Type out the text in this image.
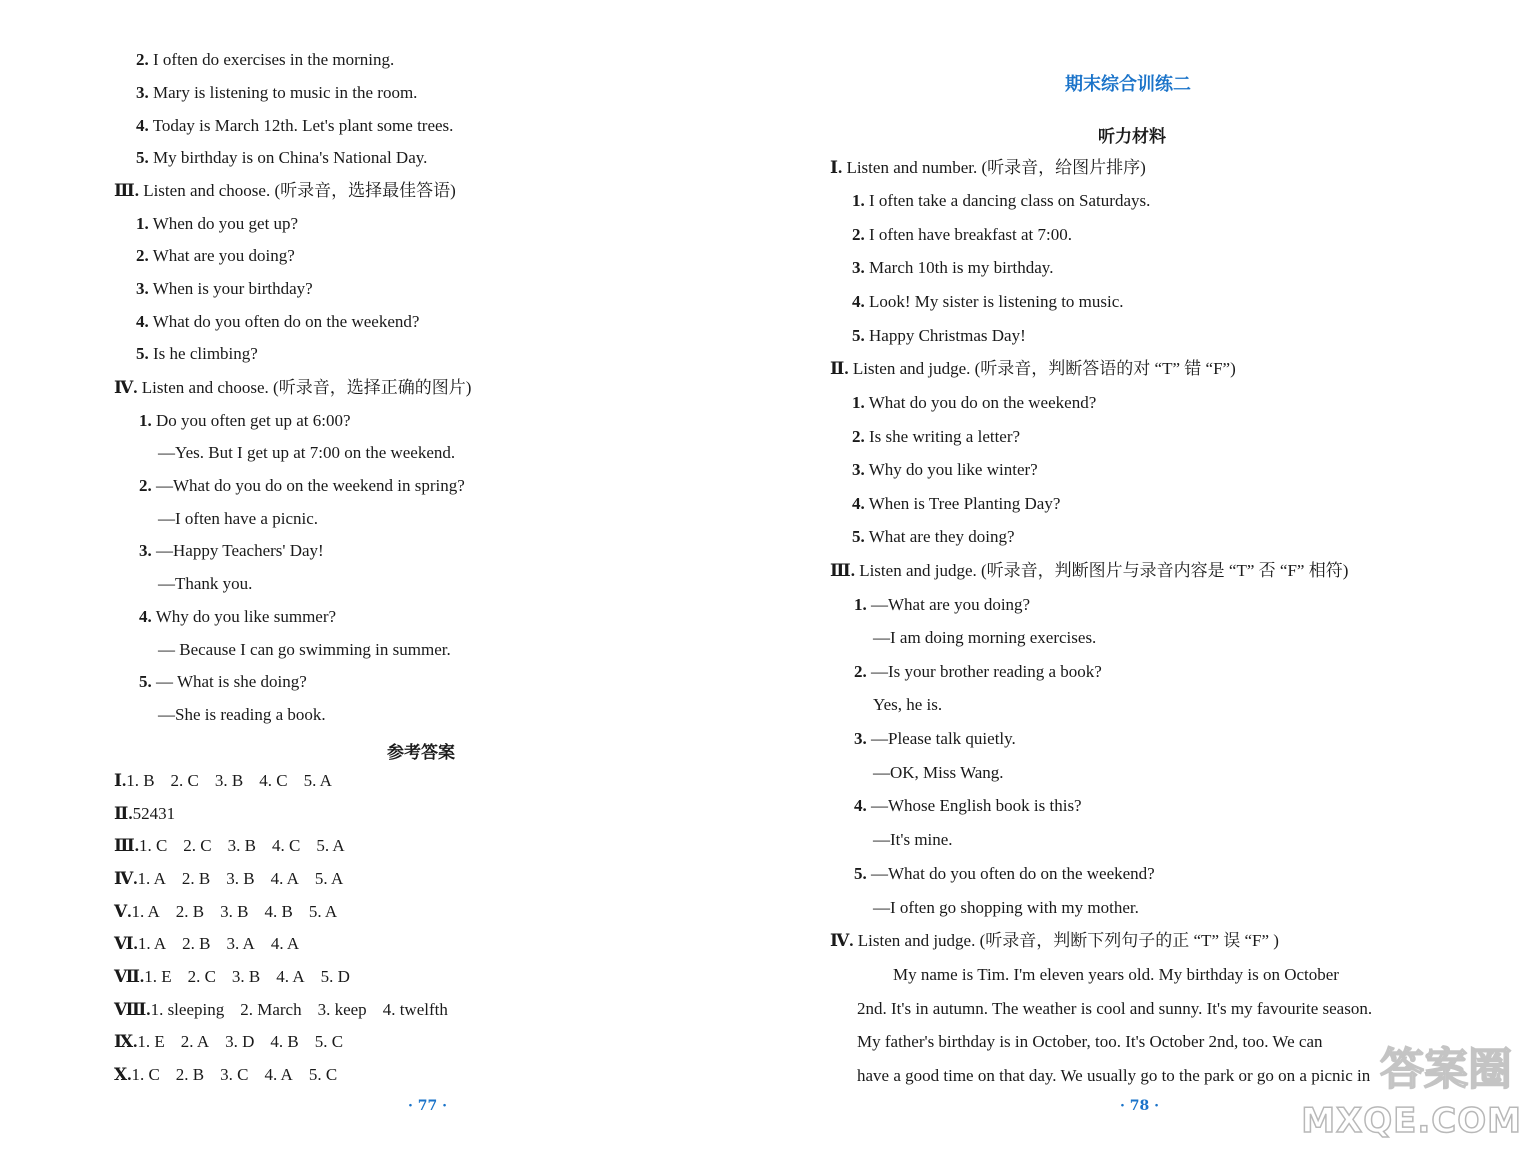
2. I often do exercises in the morning.
3. Mary is listening to music in the room.
4. Today is March 12th. Let's plant some trees.
5. My birthday is on China's National Day.
Ⅲ. Listen and choose. (听录音，选择最佳答语)
1. When do you get up?
2. What are you doing?
3. When is your birthday?
4. What do you often do on the weekend?
5. Is he climbing?
Ⅳ. Listen and choose. (听录音，选择正确的图片)
1. Do you often get up at 6:00?
—Yes. But I get up at 7:00 on the weekend.
2. —What do you do on the weekend in spring?
—I often have a picnic.
3. —Happy Teachers' Day!
—Thank you.
4. Why do you like summer?
— Because I can go swimming in summer.
5. — What is she doing?
—She is reading a book.
参考答案
Ⅰ.1. B 2. C 3. B 4. C 5. A
Ⅱ.52431
Ⅲ.1. C 2. C 3. B 4. C 5. A
Ⅳ.1. A 2. B 3. B 4. A 5. A
Ⅴ.1. A 2. B 3. B 4. B 5. A
Ⅵ.1. A 2. B 3. A 4. A
Ⅶ.1. E 2. C 3. B 4. A 5. D
Ⅷ.1. sleeping 2. March 3. keep 4. twelfth
Ⅸ.1. E 2. A 3. D 4. B 5. C
Ⅹ.1. C 2. B 3. C 4. A 5. C
· 77 ·
期末综合训练二
听力材料
Ⅰ. Listen and number. (听录音，给图片排序)
1. I often take a dancing class on Saturdays.
2. I often have breakfast at 7:00.
3. March 10th is my birthday.
4. Look! My sister is listening to music.
5. Happy Christmas Day!
Ⅱ. Listen and judge. (听录音，判断答语的对 “T” 错 “F”)
1. What do you do on the weekend?
2. Is she writing a letter?
3. Why do you like winter?
4. When is Tree Planting Day?
5. What are they doing?
Ⅲ. Listen and judge. (听录音，判断图片与录音内容是 “T” 否 “F” 相符)
1. —What are you doing?
—I am doing morning exercises.
2. —Is your brother reading a book?
Yes, he is.
3. —Please talk quietly.
—OK, Miss Wang.
4. —Whose English book is this?
—It's mine.
5. —What do you often do on the weekend?
—I often go shopping with my mother.
Ⅳ. Listen and judge. (听录音，判断下列句子的正 “T” 误 “F” )
My name is Tim. I'm eleven years old. My birthday is on October
2nd. It's in autumn. The weather is cool and sunny. It's my favourite season.
My father's birthday is in October, too. It's October 2nd, too. We can
have a good time on that day. We usually go to the park or go on a picnic in
· 78 ·
答案圈
MXQE.COM
